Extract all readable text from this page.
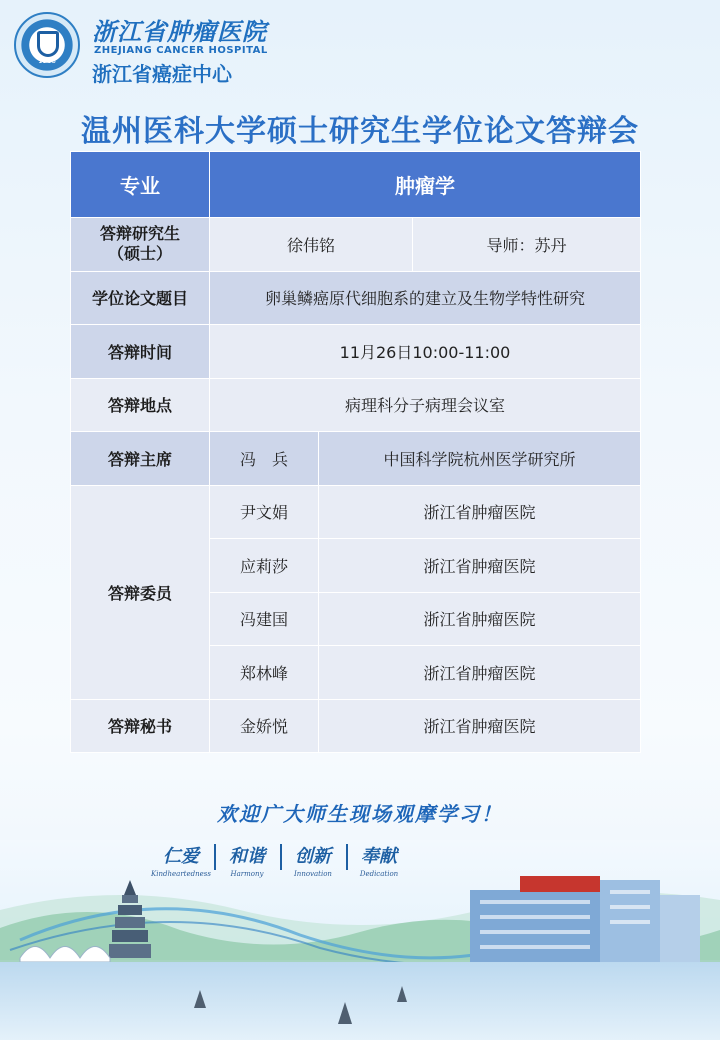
1963
浙江省肿瘤医院
ZHEJIANG CANCER HOSPITAL
浙江省癌症中心
温州医科大学硕士研究生学位论文答辩会
专业	肿瘤学		
答辩研究生（硕士）	徐伟铭		导师：苏丹
学位论文题目	卵巢鳞癌原代细胞系的建立及生物学特性研究		
答辩时间	11月26日10:00-11:00		
答辩地点	病理科分子病理会议室		
答辩主席	冯　兵	中国科学院杭州医学研究所	
答辩委员	尹文娟	浙江省肿瘤医院	
	应莉莎	浙江省肿瘤医院	
	冯建国	浙江省肿瘤医院	
	郑林峰	浙江省肿瘤医院	
答辩秘书	金娇悦	浙江省肿瘤医院	
欢迎广大师生现场观摩学习！
仁爱
Kindheartedness
和谐
Harmony
创新
Innovation
奉献
Dedication
